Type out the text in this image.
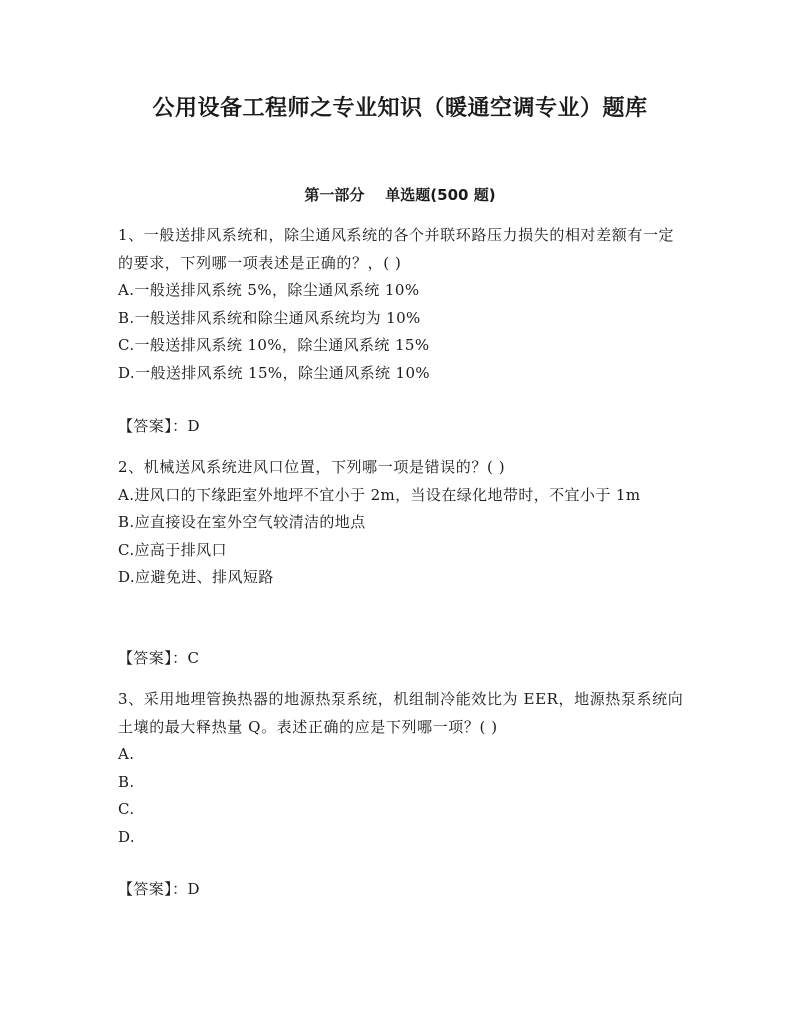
公用设备工程师之专业知识（暖通空调专业）题库
第一部分    单选题(500 题)

1、一般送排风系统和，除尘通风系统的各个并联环路压力损失的相对差额有一定的要求，下列哪一项表述是正确的？，( )

A.一般送排风系统 5%，除尘通风系统 10%

B.一般送排风系统和除尘通风系统均为 10%

C.一般送排风系统 10%，除尘通风系统 15%

D.一般送排风系统 15%，除尘通风系统 10%

【答案】：D

2、机械送风系统进风口位置，下列哪一项是错误的？( )

A.进风口的下缘距室外地坪不宜小于 2m，当设在绿化地带时，不宜小于 1m

B.应直接设在室外空气较清洁的地点

C.应高于排风口

D.应避免进、排风短路

【答案】：C

3、采用地埋管换热器的地源热泵系统，机组制冷能效比为 EER，地源热泵系统向土壤的最大释热量 Q。表述正确的应是下列哪一项？( )

A.

B.

C.

D.

【答案】：D
